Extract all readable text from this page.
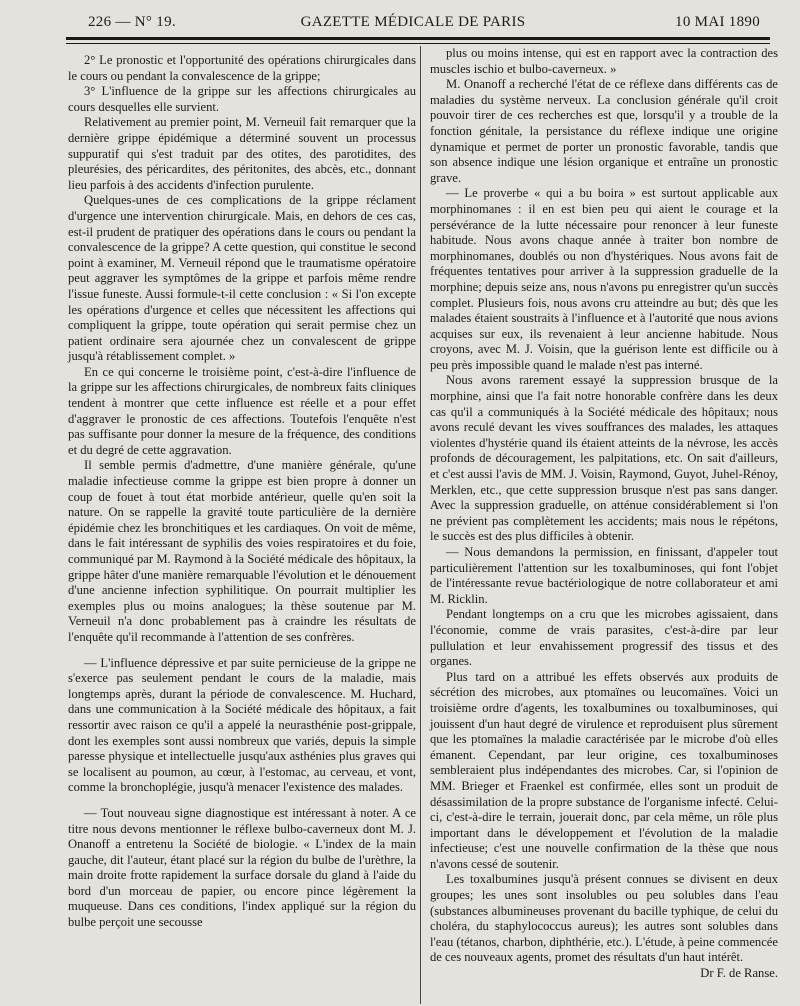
226 — N° 19.	GAZETTE MÉDICALE DE PARIS	10 MAI 1890

2° Le pronostic et l'opportunité des opérations chirurgicales dans le cours ou pendant la convalescence de la grippe;

3° L'influence de la grippe sur les affections chirurgicales au cours desquelles elle survient.

Relativement au premier point, M. Verneuil fait remarquer que la dernière grippe épidémique a déterminé souvent un processus suppuratif qui s'est traduit par des otites, des parotidites, des pleurésies, des péricardites, des péritonites, des abcès, etc., donnant lieu parfois à des accidents d'infection purulente.

Quelques-unes de ces complications de la grippe réclament d'urgence une intervention chirurgicale. Mais, en dehors de ces cas, est-il prudent de pratiquer des opérations dans le cours ou pendant la convalescence de la grippe? A cette question, qui constitue le second point à examiner, M. Verneuil répond que le traumatisme opératoire peut aggraver les symptômes de la grippe et parfois même rendre l'issue funeste. Aussi formule-t-il cette conclusion : « Si l'on excepte les opérations d'urgence et celles que nécessitent les affections qui compliquent la grippe, toute opération qui serait permise chez un patient ordinaire sera ajournée chez un convalescent de grippe jusqu'à rétablissement complet. »

En ce qui concerne le troisième point, c'est-à-dire l'influence de la grippe sur les affections chirurgicales, de nombreux faits cliniques tendent à montrer que cette influence est réelle et a pour effet d'aggraver le pronostic de ces affections. Toutefois l'enquête n'est pas suffisante pour donner la mesure de la fréquence, des conditions et du degré de cette aggravation.

Il semble permis d'admettre, d'une manière générale, qu'une maladie infectieuse comme la grippe est bien propre à donner un coup de fouet à tout état morbide antérieur, quelle qu'en soit la nature. On se rappelle la gravité toute particulière de la dernière épidémie chez les bronchitiques et les cardiaques. On voit de même, dans le fait intéressant de syphilis des voies respiratoires et du foie, communiqué par M. Raymond à la Société médicale des hôpitaux, la grippe hâter d'une manière remarquable l'évolution et le dénouement d'une ancienne infection syphilitique. On pourrait multiplier les exemples plus ou moins analogues; la thèse soutenue par M. Verneuil n'a donc probablement pas à craindre les résultats de l'enquête qu'il recommande à l'attention de ses confrères.

— L'influence dépressive et par suite pernicieuse de la grippe ne s'exerce pas seulement pendant le cours de la maladie, mais longtemps après, durant la période de convalescence. M. Huchard, dans une communication à la Société médicale des hôpitaux, a fait ressortir avec raison ce qu'il a appelé la neurasthénie post-grippale, dont les exemples sont aussi nombreux que variés, depuis la simple paresse physique et intellectuelle jusqu'aux asthénies plus graves qui se localisent au poumon, au cœur, à l'estomac, au cerveau, et vont, comme la bronchoplégie, jusqu'à menacer l'existence des malades.

— Tout nouveau signe diagnostique est intéressant à noter. A ce titre nous devons mentionner le réflexe bulbo-caverneux dont M. J. Onanoff a entretenu la Société de biologie. « L'index de la main gauche, dit l'auteur, étant placé sur la région du bulbe de l'urèthre, la main droite frotte rapidement la surface dorsale du gland à l'aide du bord d'un morceau de papier, ou encore pince légèrement la muqueuse. Dans ces conditions, l'index appliqué sur la région du bulbe perçoit une secousse

plus ou moins intense, qui est en rapport avec la contraction des muscles ischio et bulbo-caverneux. »

M. Onanoff a recherché l'état de ce réflexe dans différents cas de maladies du système nerveux. La conclusion générale qu'il croit pouvoir tirer de ces recherches est que, lorsqu'il y a trouble de la fonction génitale, la persistance du réflexe indique une origine dynamique et permet de porter un pronostic favorable, tandis que son absence indique une lésion organique et entraîne un pronostic grave.

— Le proverbe « qui a bu boira » est surtout applicable aux morphinomanes : il en est bien peu qui aient le courage et la persévérance de la lutte nécessaire pour renoncer à leur funeste habitude. Nous avons chaque année à traiter bon nombre de morphinomanes, doublés ou non d'hystériques. Nous avons fait de fréquentes tentatives pour arriver à la suppression graduelle de la morphine; depuis seize ans, nous n'avons pu enregistrer qu'un succès complet. Plusieurs fois, nous avons cru atteindre au but; dès que les malades étaient soustraits à l'influence et à l'autorité que nous avions acquises sur eux, ils revenaient à leur ancienne habitude. Nous croyons, avec M. J. Voisin, que la guérison lente est difficile ou à peu près impossible quand le malade n'est pas interné.

Nous avons rarement essayé la suppression brusque de la morphine, ainsi que l'a fait notre honorable confrère dans les deux cas qu'il a communiqués à la Société médicale des hôpitaux; nous avons reculé devant les vives souffrances des malades, les attaques violentes d'hystérie quand ils étaient atteints de la névrose, les accès profonds de découragement, les palpitations, etc. On sait d'ailleurs, et c'est aussi l'avis de MM. J. Voisin, Raymond, Guyot, Juhel-Rénoy, Merklen, etc., que cette suppression brusque n'est pas sans danger. Avec la suppression graduelle, on atténue considérablement si l'on ne prévient pas complètement les accidents; mais nous le répétons, le succès est des plus difficiles à obtenir.

— Nous demandons la permission, en finissant, d'appeler tout particulièrement l'attention sur les toxalbuminoses, qui font l'objet de l'intéressante revue bactériologique de notre collaborateur et ami M. Ricklin.

Pendant longtemps on a cru que les microbes agissaient, dans l'économie, comme de vrais parasites, c'est-à-dire par leur pullulation et leur envahissement progressif des tissus et des organes.

Plus tard on a attribué les effets observés aux produits de sécrétion des microbes, aux ptomaïnes ou leucomaïnes. Voici un troisième ordre d'agents, les toxalbumines ou toxalbuminoses, qui jouissent d'un haut degré de virulence et reproduisent plus sûrement que les ptomaïnes la maladie caractérisée par le microbe d'où elles émanent. Cependant, par leur origine, ces toxalbuminoses sembleraient plus indépendantes des microbes. Car, si l'opinion de MM. Brieger et Fraenkel est confirmée, elles sont un produit de désassimilation de la propre substance de l'organisme infecté. Celui-ci, c'est-à-dire le terrain, jouerait donc, par cela même, un rôle plus important dans le développement et l'évolution de la maladie infectieuse; c'est une nouvelle confirmation de la thèse que nous n'avons cessé de soutenir.

Les toxalbumines jusqu'à présent connues se divisent en deux groupes; les unes sont insolubles ou peu solubles dans l'eau (substances albumineuses provenant du bacille typhique, de celui du choléra, du staphylococcus aureus); les autres sont solubles dans l'eau (tétanos, charbon, diphthérie, etc.). L'étude, à peine commencée de ces nouveaux agents, promet des résultats d'un haut intérêt.

Dr F. de Ranse.
